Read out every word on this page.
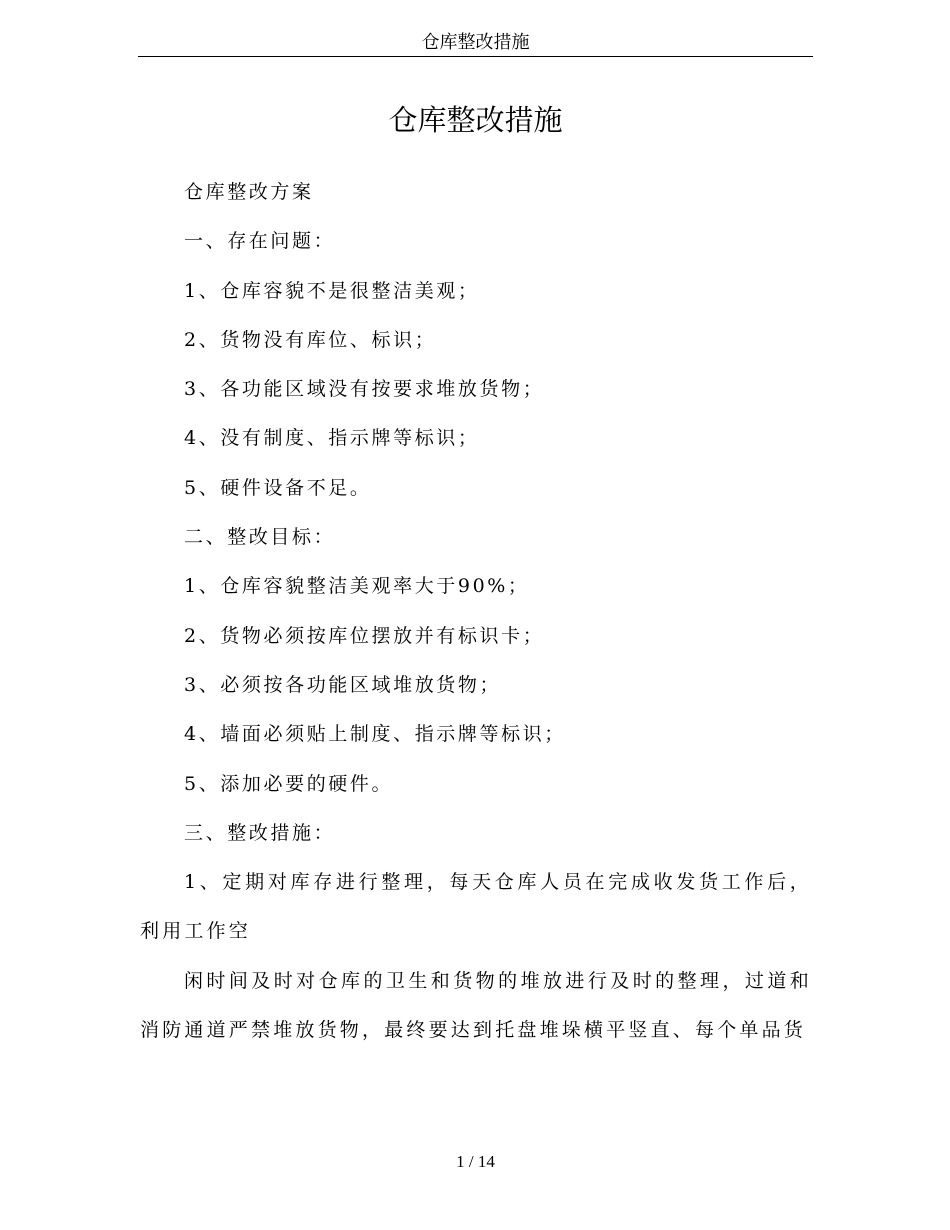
仓库整改措施
仓库整改措施

仓库整改方案

一、存在问题：

1、仓库容貌不是很整洁美观；

2、货物没有库位、标识；

3、各功能区域没有按要求堆放货物；

4、没有制度、指示牌等标识；

5、硬件设备不足。

二、整改目标：

1、仓库容貌整洁美观率大于90%；

2、货物必须按库位摆放并有标识卡；

3、必须按各功能区域堆放货物；

4、墙面必须贴上制度、指示牌等标识；

5、添加必要的硬件。

三、整改措施：

1、定期对库存进行整理，每天仓库人员在完成收发货工作后，利用工作空

闲时间及时对仓库的卫生和货物的堆放进行及时的整理，过道和消防通道严禁堆放货物，最终要达到托盘堆垛横平竖直、每个单品货

1 / 14
